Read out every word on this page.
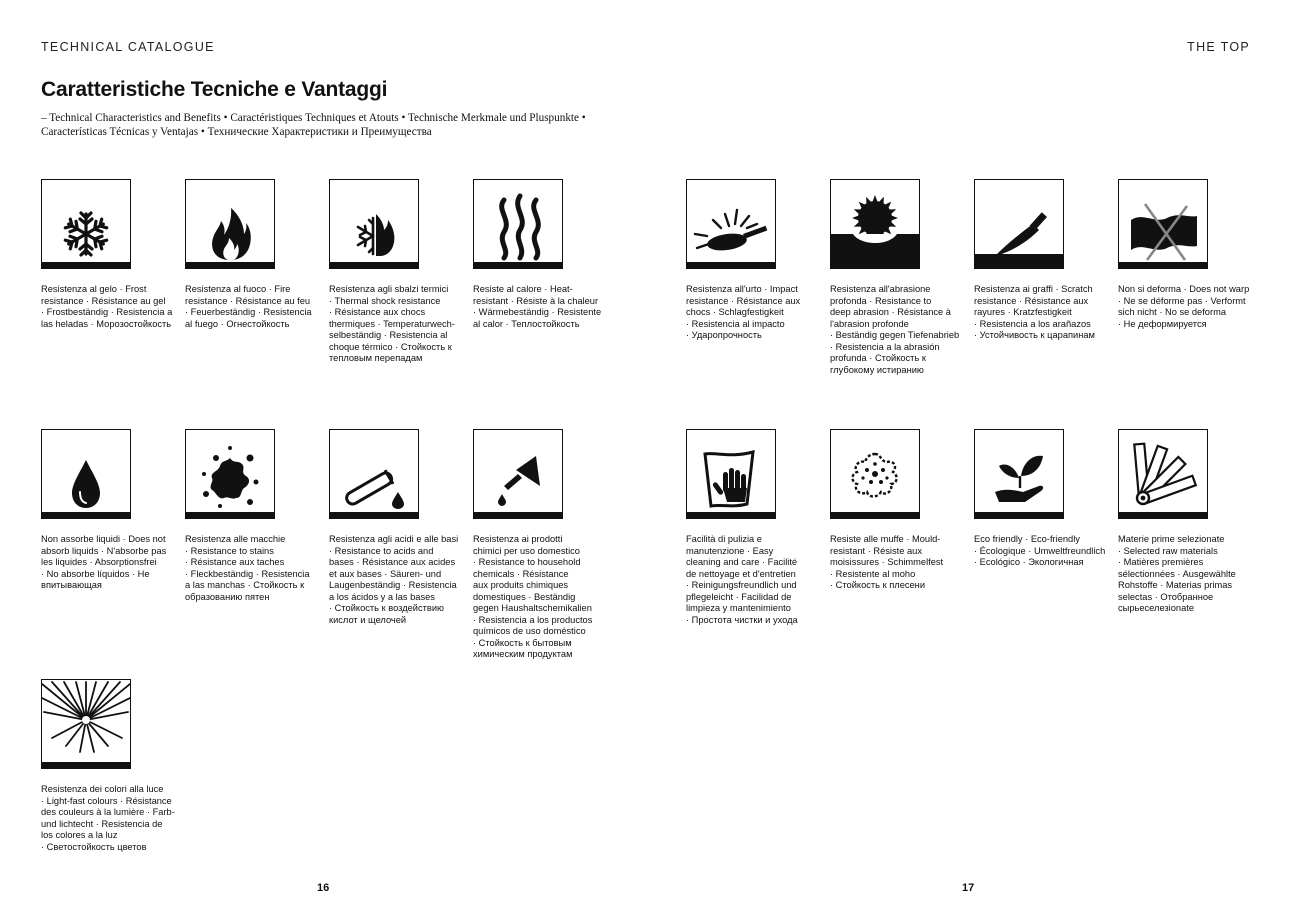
TECHNICAL CATALOGUE	THE TOP
Caratteristiche Tecniche e Vantaggi

– Technical Characteristics and Benefits • Caractéristiques Techniques et Atouts • Technische Merkmale und Pluspunkte • Características Técnicas y Ventajas • Технические Характеристики и Преимущества

Resistenza al gelo · Frost
resistance · Résistance au gel
· Frostbeständig · Resistencia a
las heladas · Морозостойкость
Resistenza al fuoco · Fire
resistance · Résistance au feu
· Feuerbeständig · Resistencia
al fuego · Огнестойкость
Resistenza agli sbalzi termici
· Thermal shock resistance
· Résistance aux chocs
thermiques · Temperaturwech-
selbeständig · Resistencia al
choque térmico · Стойкость к
тепловым перепадам
Resiste al calore · Heat-
resistant · Résiste à la chaleur
· Wärmebeständig · Resistente
al calor · Теплостойкость
Resistenza all'urto · Impact
resistance · Résistance aux
chocs · Schlagfestigkeit
· Resistencia al impacto
· Ударопрочность
Resistenza all'abrasione
profonda · Resistance to
deep abrasion · Résistance à
l'abrasion profonde
· Beständig gegen Tiefenabrieb
· Resistencia a la abrasión
profunda · Стойкость к
глубокому истиранию
Resistenza ai graffi · Scratch
resistance · Résistance aux
rayures · Kratzfestigkeit
· Resistencia a los arañazos
· Устойчивость к царапинам
Non si deforma · Does not warp
· Ne se déforme pas · Verformt
sich nicht · No se deforma
· Не деформируется
Non assorbe liquidi · Does not
absorb liquids · N'absorbe pas
les liquides · Absorptionsfrei
· No absorbe líquidos · Не
впитывающая
Resistenza alle macchie
· Resistance to stains
· Résistance aux taches
· Fleckbeständig · Resistencia
a las manchas · Стойкость к
образованию пятен
Resistenza agli acidi e alle basi
· Resistance to acids and
bases · Résistance aux acides
et aux bases · Säuren- und
Laugenbeständig · Resistencia
a los ácidos y a las bases
· Стойкость к воздействию
кислот и щелочей
Resistenza ai prodotti
chimici per uso domestico
· Resistance to household
chemicals · Résistance
aux produits chimiques
domestiques · Beständig
gegen Haushaltschemikalien
· Resistencia a los productos
químicos de uso doméstico
· Стойкость к бытовым
химическим продуктам
Facilità di pulizia e
manutenzione · Easy
cleaning and care · Facilité
de nettoyage et d'entretien
· Reinigungsfreundlich und
pflegeleicht · Facilidad de
limpieza y mantenimiento
· Простота чистки и ухода
Resiste alle muffe · Mould-
resistant · Résiste aux
moisissures · Schimmelfest
· Resistente al moho
· Стойкость к плесени
Eco friendly · Eco-friendly
· Écologique · Umweltfreundlich
· Ecológico · Экологичная
Materie prime selezionate
· Selected raw materials
· Matières premières
sélectionnées · Ausgewählte
Rohstoffe · Materias primas
selectas · Отобранное
сырьеселезionate
Resistenza dei colori alla luce
· Light-fast colours · Résistance
des couleurs à la lumière · Farb-
und lichtecht · Resistencia de
los colores a la luz
· Светостойкость цветов
16	17
